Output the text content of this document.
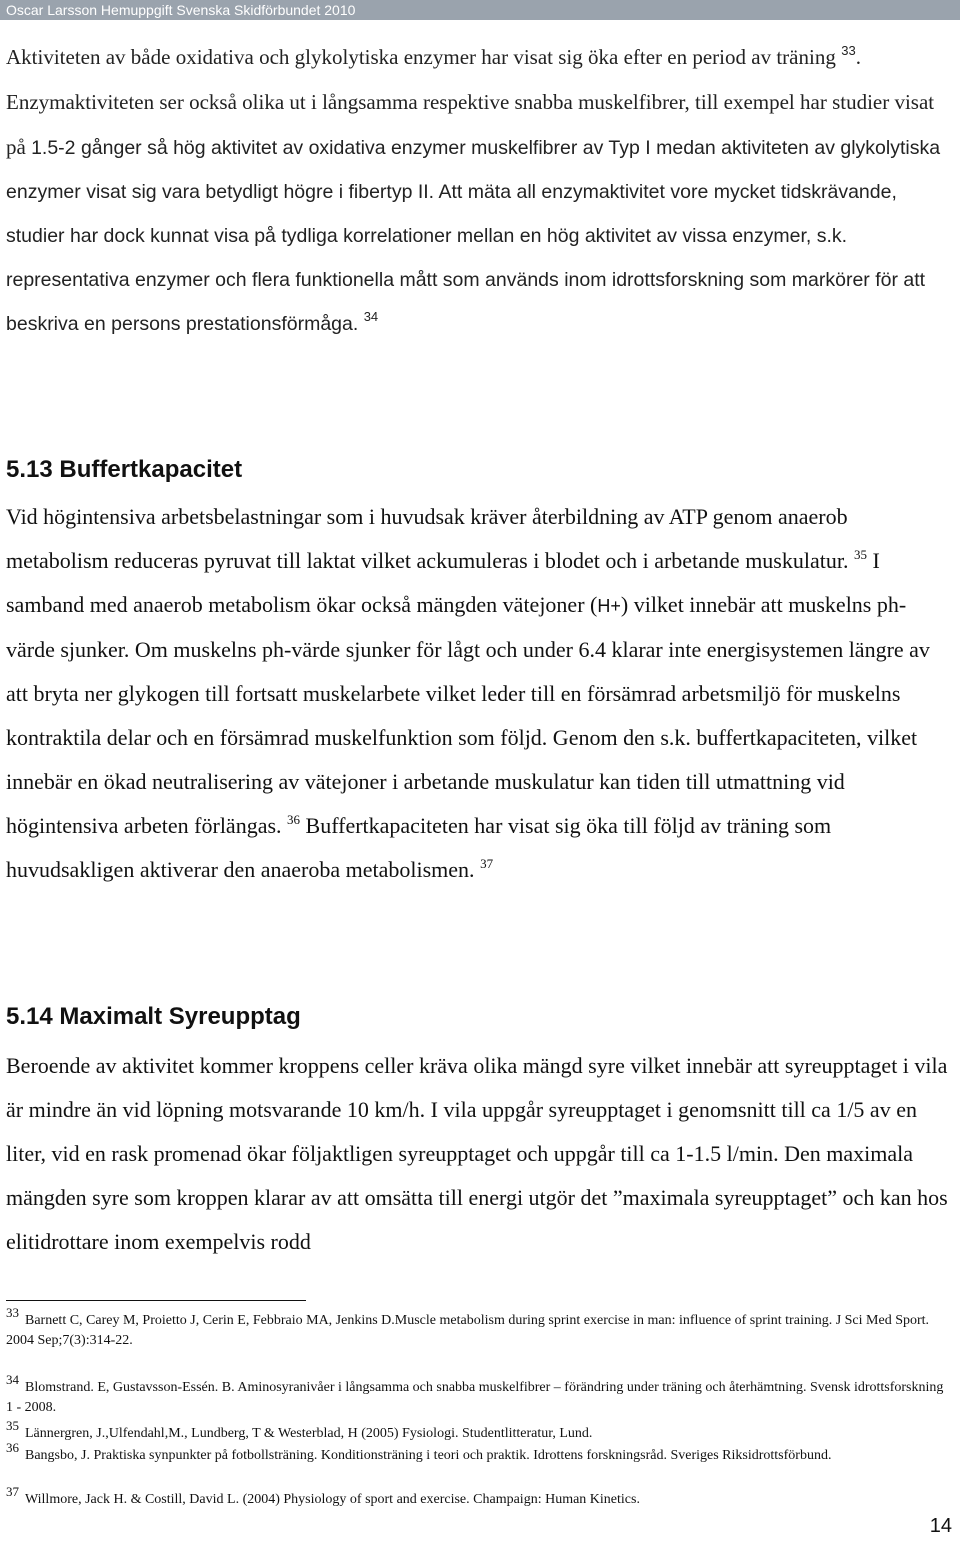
Oscar Larsson Hemuppgift Svenska Skidförbundet 2010

Aktiviteten av både oxidativa och glykolytiska enzymer har visat sig öka efter en period av träning $^{33}$. Enzymaktiviteten ser också olika ut i långsamma respektive snabba muskelfibrer, till exempel har studier visat på 1.5-2 gånger så hög aktivitet av oxidativa enzymer muskelfibrer av Typ I medan aktiviteten av glykolytiska enzymer visat sig vara betydligt högre i fibertyp II. Att mäta all enzymaktivitet vore mycket tidskrävande, studier har dock kunnat visa på tydliga korrelationer mellan en hög aktivitet av vissa enzymer, s.k. representativa enzymer och flera funktionella mått som används inom idrottsforskning som markörer för att beskriva en persons prestationsförmåga. $^{34}$

5.13 Buffertkapacitet

Vid högintensiva arbetsbelastningar som i huvudsak kräver återbildning av ATP genom anaerob metabolism reduceras pyruvat till laktat vilket ackumuleras i blodet och i arbetande muskulatur. $^{35}$ I samband med anaerob metabolism ökar också mängden vätejoner (H+) vilket innebär att muskelns ph-värde sjunker. Om muskelns ph-värde sjunker för lågt och under 6.4 klarar inte energisystemen längre av att bryta ner glykogen till fortsatt muskelarbete vilket leder till en försämrad arbetsmiljö för muskelns kontraktila delar och en försämrad muskelfunktion som följd. Genom den s.k. buffertkapaciteten, vilket innebär en ökad neutralisering av vätejoner i arbetande muskulatur kan tiden till utmattning vid högintensiva arbeten förlängas. $^{36}$ Buffertkapaciteten har visat sig öka till följd av träning som huvudsakligen aktiverar den anaeroba metabolismen. $^{37}$

5.14 Maximalt Syreupptag

Beroende av aktivitet kommer kroppens celler kräva olika mängd syre vilket innebär att syreupptaget i vila är mindre än vid löpning motsvarande 10 km/h. I vila uppgår syreupptaget i genomsnitt till ca 1/5 av en liter, vid en rask promenad ökar följaktligen syreupptaget och uppgår till ca 1-1.5 l/min. Den maximala mängden syre som kroppen klarar av att omsätta till energi utgör det ”maximala syreupptaget” och kan hos elitidrottare inom exempelvis rodd

33Barnett C, Carey M, Proietto J, Cerin E, Febbraio MA, Jenkins D.Muscle metabolism during sprint exercise in man: influence of sprint training. J Sci Med Sport. 2004 Sep;7(3):314-22.

34Blomstrand. E, Gustavsson-Essén. B. Aminosyranivåer i långsamma och snabba muskelfibrer – förändring under träning och återhämtning. Svensk idrottsforskning 1 - 2008.

35Lännergren, J.,Ulfendahl,M., Lundberg, T & Westerblad, H (2005) Fysiologi. Studentlitteratur, Lund.

36Bangsbo, J. Praktiska synpunkter på fotbollsträning. Konditionsträning i teori och praktik. Idrottens forskningsråd. Sveriges Riksidrottsförbund.

37Willmore, Jack H. & Costill, David L. (2004) Physiology of sport and exercise. Champaign: Human Kinetics.

14
